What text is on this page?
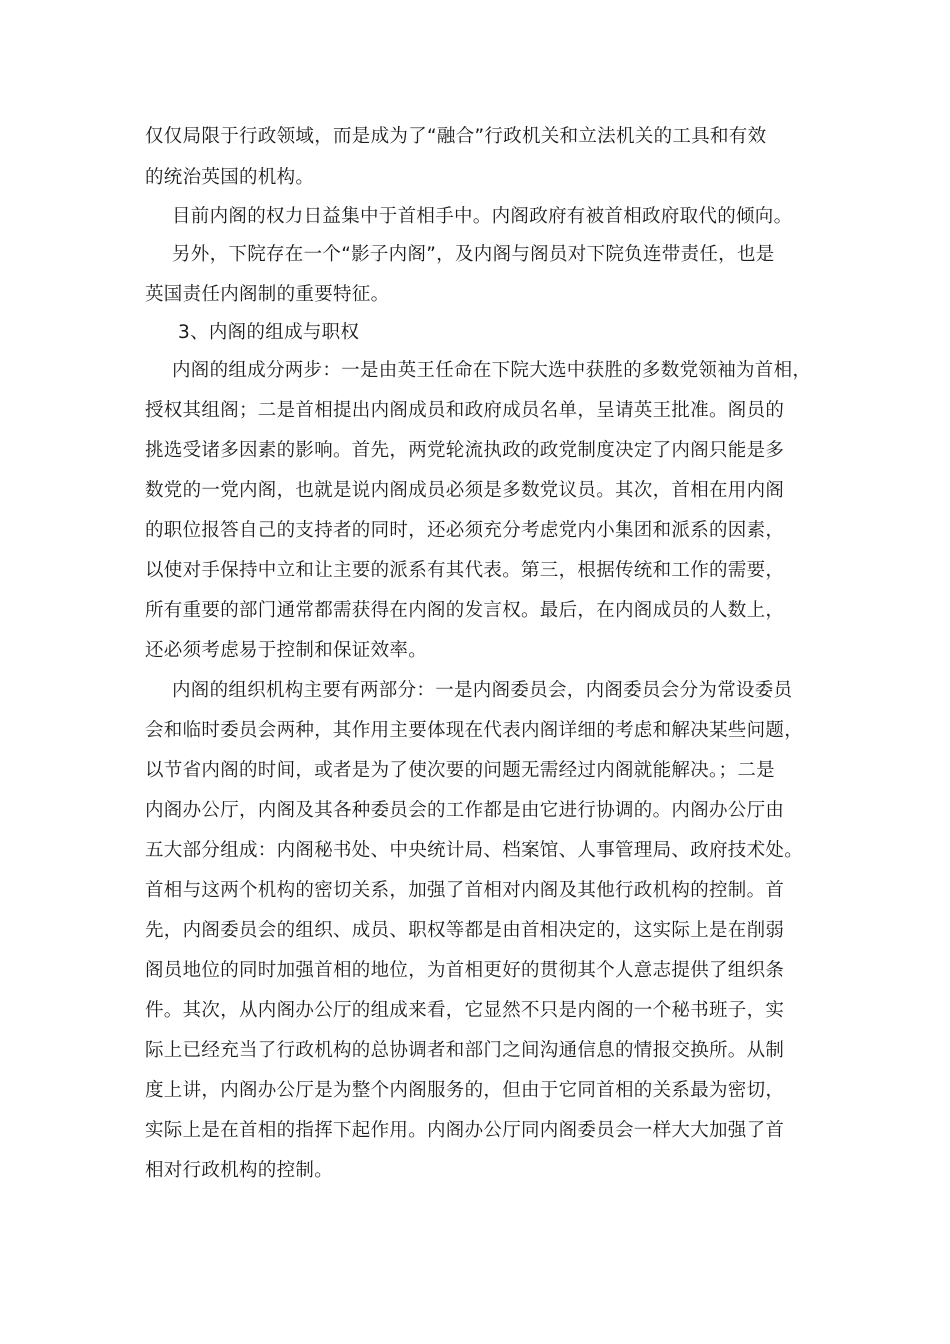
仅仅局限于行政领域，而是成为了“融合”行政机关和立法机关的工具和有效

的统治英国的机构。

目前内阁的权力日益集中于首相手中。内阁政府有被首相政府取代的倾向。

另外，下院存在一个“影子内阁”，及内阁与阁员对下院负连带责任，也是

英国责任内阁制的重要特征。

3、内阁的组成与职权

内阁的组成分两步：一是由英王任命在下院大选中获胜的多数党领袖为首相，

授权其组阁；二是首相提出内阁成员和政府成员名单，呈请英王批准。阁员的

挑选受诸多因素的影响。首先，两党轮流执政的政党制度决定了内阁只能是多

数党的一党内阁，也就是说内阁成员必须是多数党议员。其次，首相在用内阁

的职位报答自己的支持者的同时，还必须充分考虑党内小集团和派系的因素，

以使对手保持中立和让主要的派系有其代表。第三，根据传统和工作的需要，

所有重要的部门通常都需获得在内阁的发言权。最后，在内阁成员的人数上，

还必须考虑易于控制和保证效率。

内阁的组织机构主要有两部分：一是内阁委员会，内阁委员会分为常设委员

会和临时委员会两种，其作用主要体现在代表内阁详细的考虑和解决某些问题，

以节省内阁的时间，或者是为了使次要的问题无需经过内阁就能解决。；二是

内阁办公厅，内阁及其各种委员会的工作都是由它进行协调的。内阁办公厅由

五大部分组成：内阁秘书处、中央统计局、档案馆、人事管理局、政府技术处。

首相与这两个机构的密切关系，加强了首相对内阁及其他行政机构的控制。首

先，内阁委员会的组织、成员、职权等都是由首相决定的，这实际上是在削弱

阁员地位的同时加强首相的地位，为首相更好的贯彻其个人意志提供了组织条

件。其次，从内阁办公厅的组成来看，它显然不只是内阁的一个秘书班子，实

际上已经充当了行政机构的总协调者和部门之间沟通信息的情报交换所。从制

度上讲，内阁办公厅是为整个内阁服务的，但由于它同首相的关系最为密切，

实际上是在首相的指挥下起作用。内阁办公厅同内阁委员会一样大大加强了首

相对行政机构的控制。
